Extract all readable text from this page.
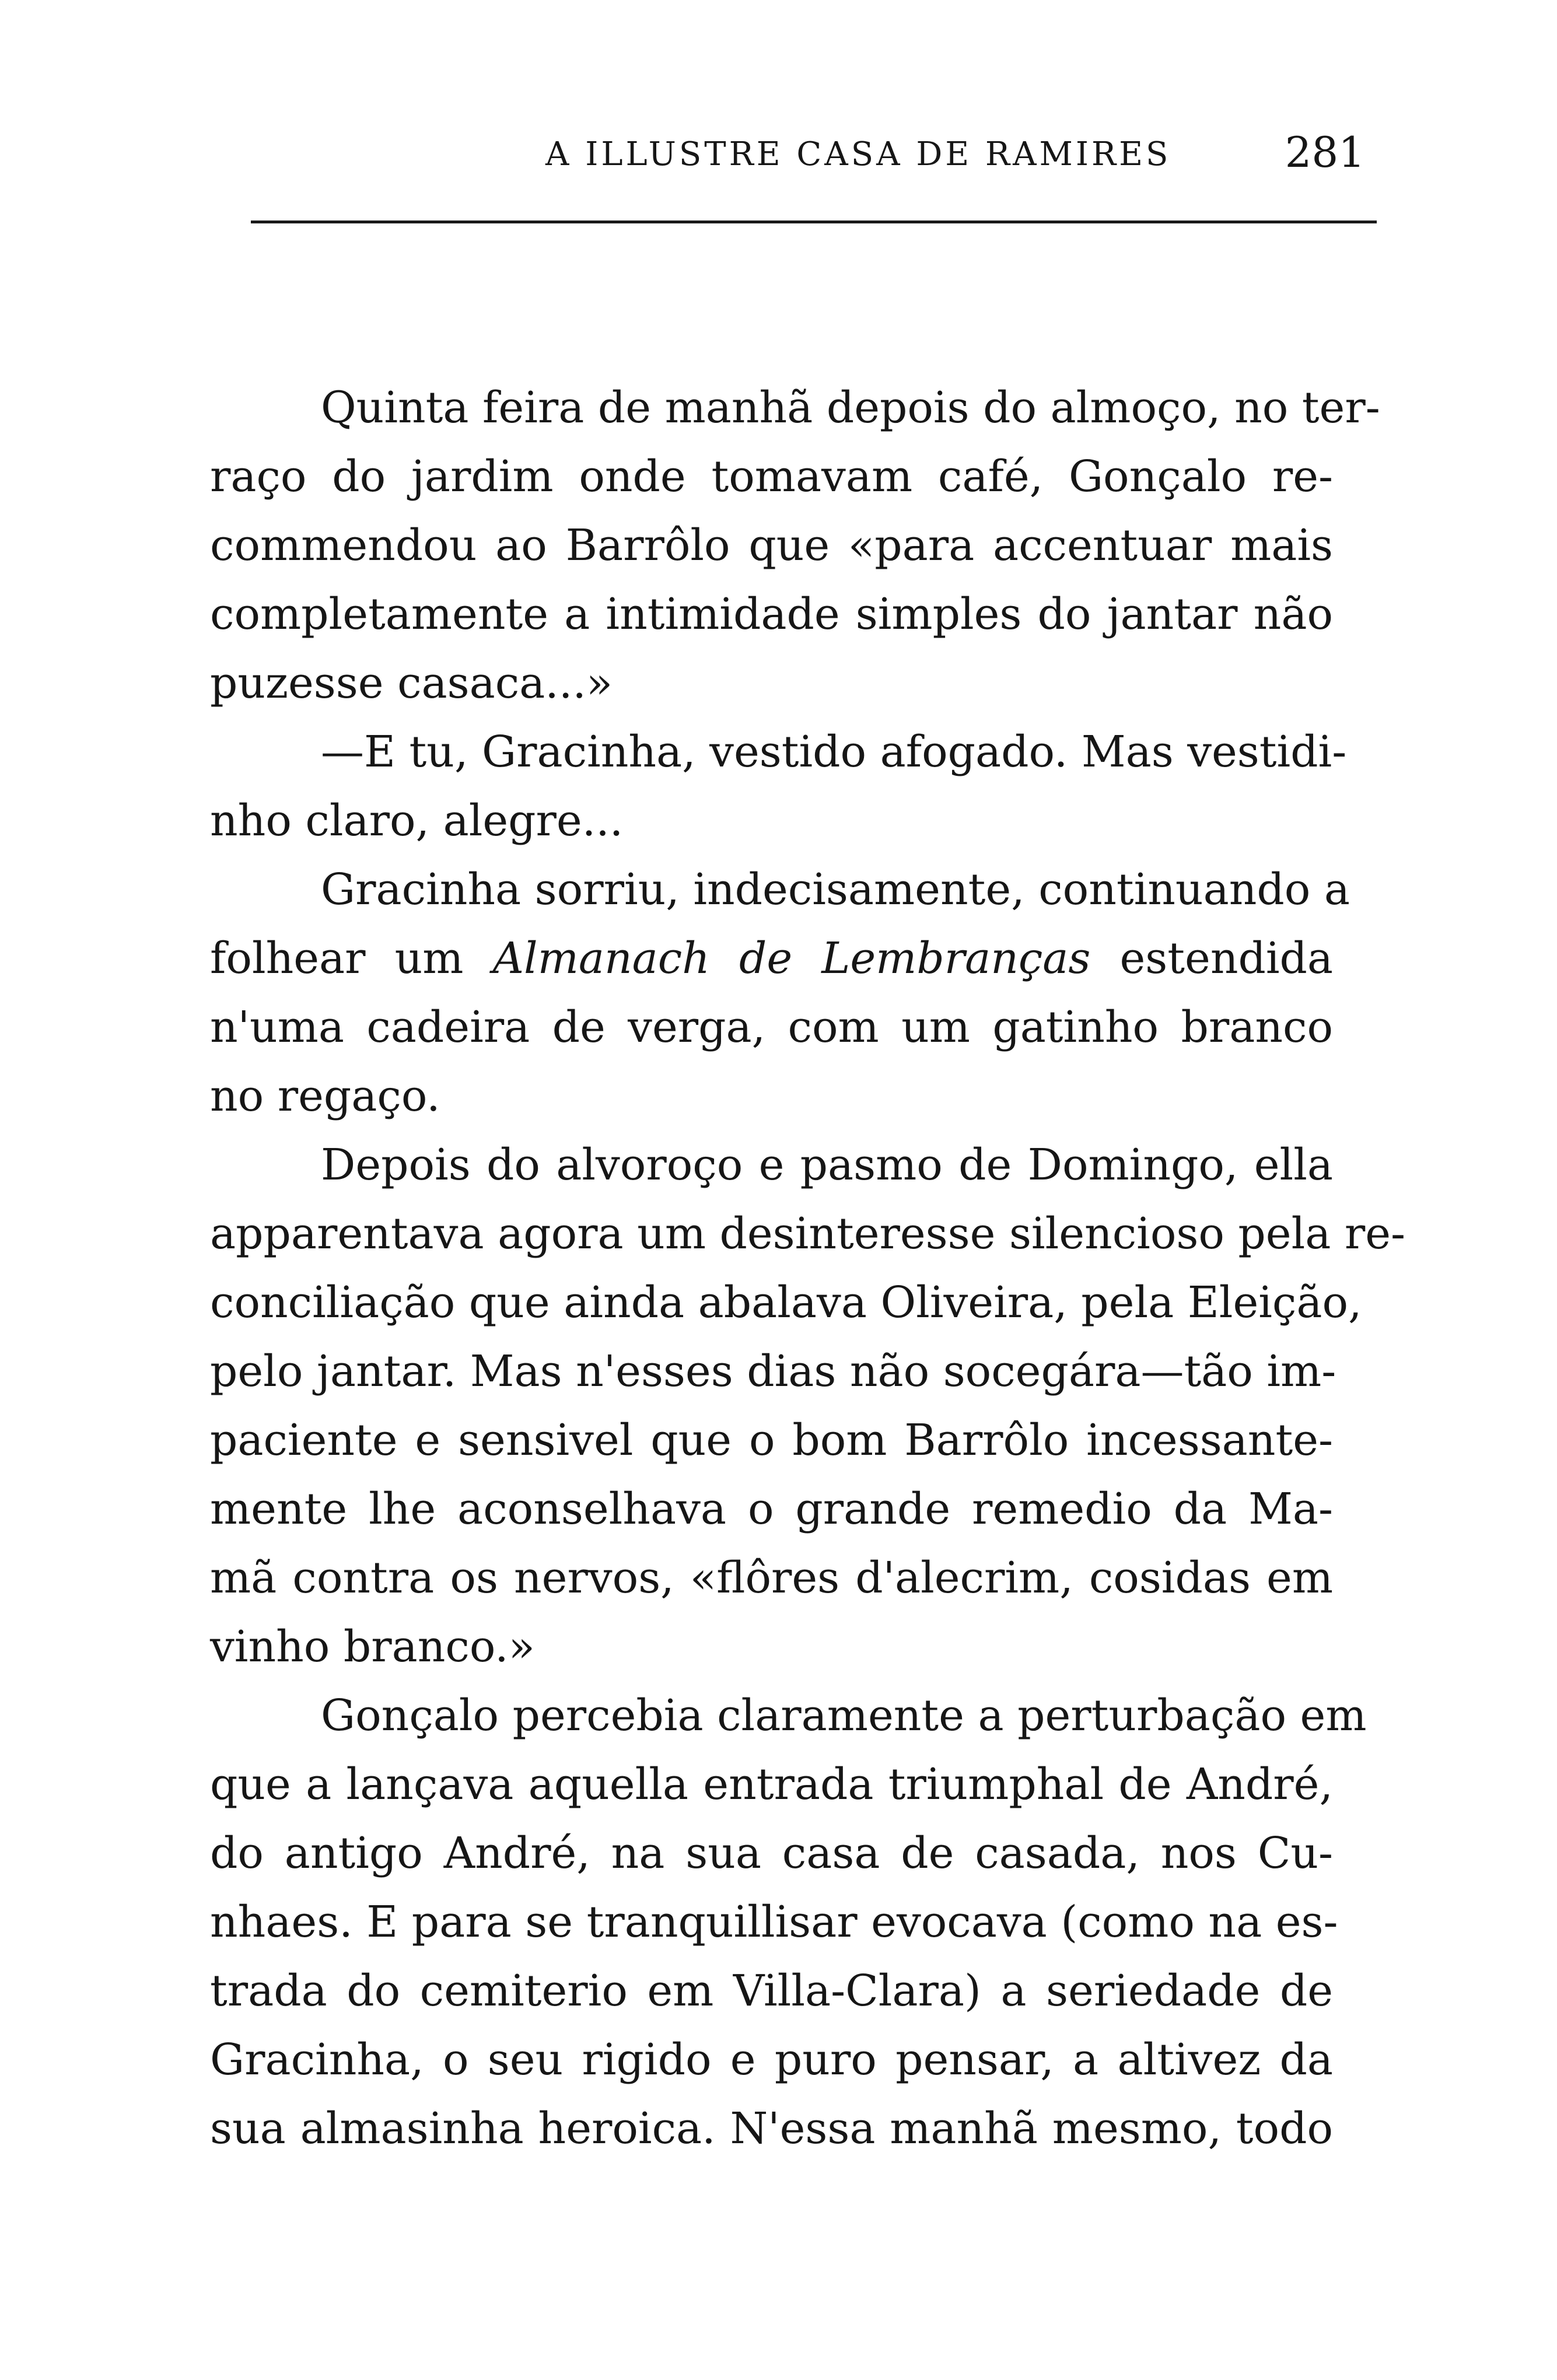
A ILLUSTRE CASA DE RAMIRES	281
Quinta feira de manhã depois do almoço, no ter-
raço do jardim onde tomavam café, Gonçalo re-
commendou ao Barrôlo que «para accentuar mais
completamente a intimidade simples do jantar não
puzesse casaca...»
—E tu, Gracinha, vestido afogado. Mas vestidi-
nho claro, alegre...
Gracinha sorriu, indecisamente, continuando a
folhear um Almanach de Lembranças estendida
n'uma cadeira de verga, com um gatinho branco
no regaço.
Depois do alvoroço e pasmo de Domingo, ella
apparentava agora um desinteresse silencioso pela re-
conciliação que ainda abalava Oliveira, pela Eleição,
pelo jantar. Mas n'esses dias não socegára—tão im-
paciente e sensivel que o bom Barrôlo incessante-
mente lhe aconselhava o grande remedio da Ma-
mã contra os nervos, «flôres d'alecrim, cosidas em
vinho branco.»
Gonçalo percebia claramente a perturbação em
que a lançava aquella entrada triumphal de André,
do antigo André, na sua casa de casada, nos Cu-
nhaes. E para se tranquillisar evocava (como na es-
trada do cemiterio em Villa-Clara) a seriedade de
Gracinha, o seu rigido e puro pensar, a altivez da
sua almasinha heroica. N'essa manhã mesmo, todo
